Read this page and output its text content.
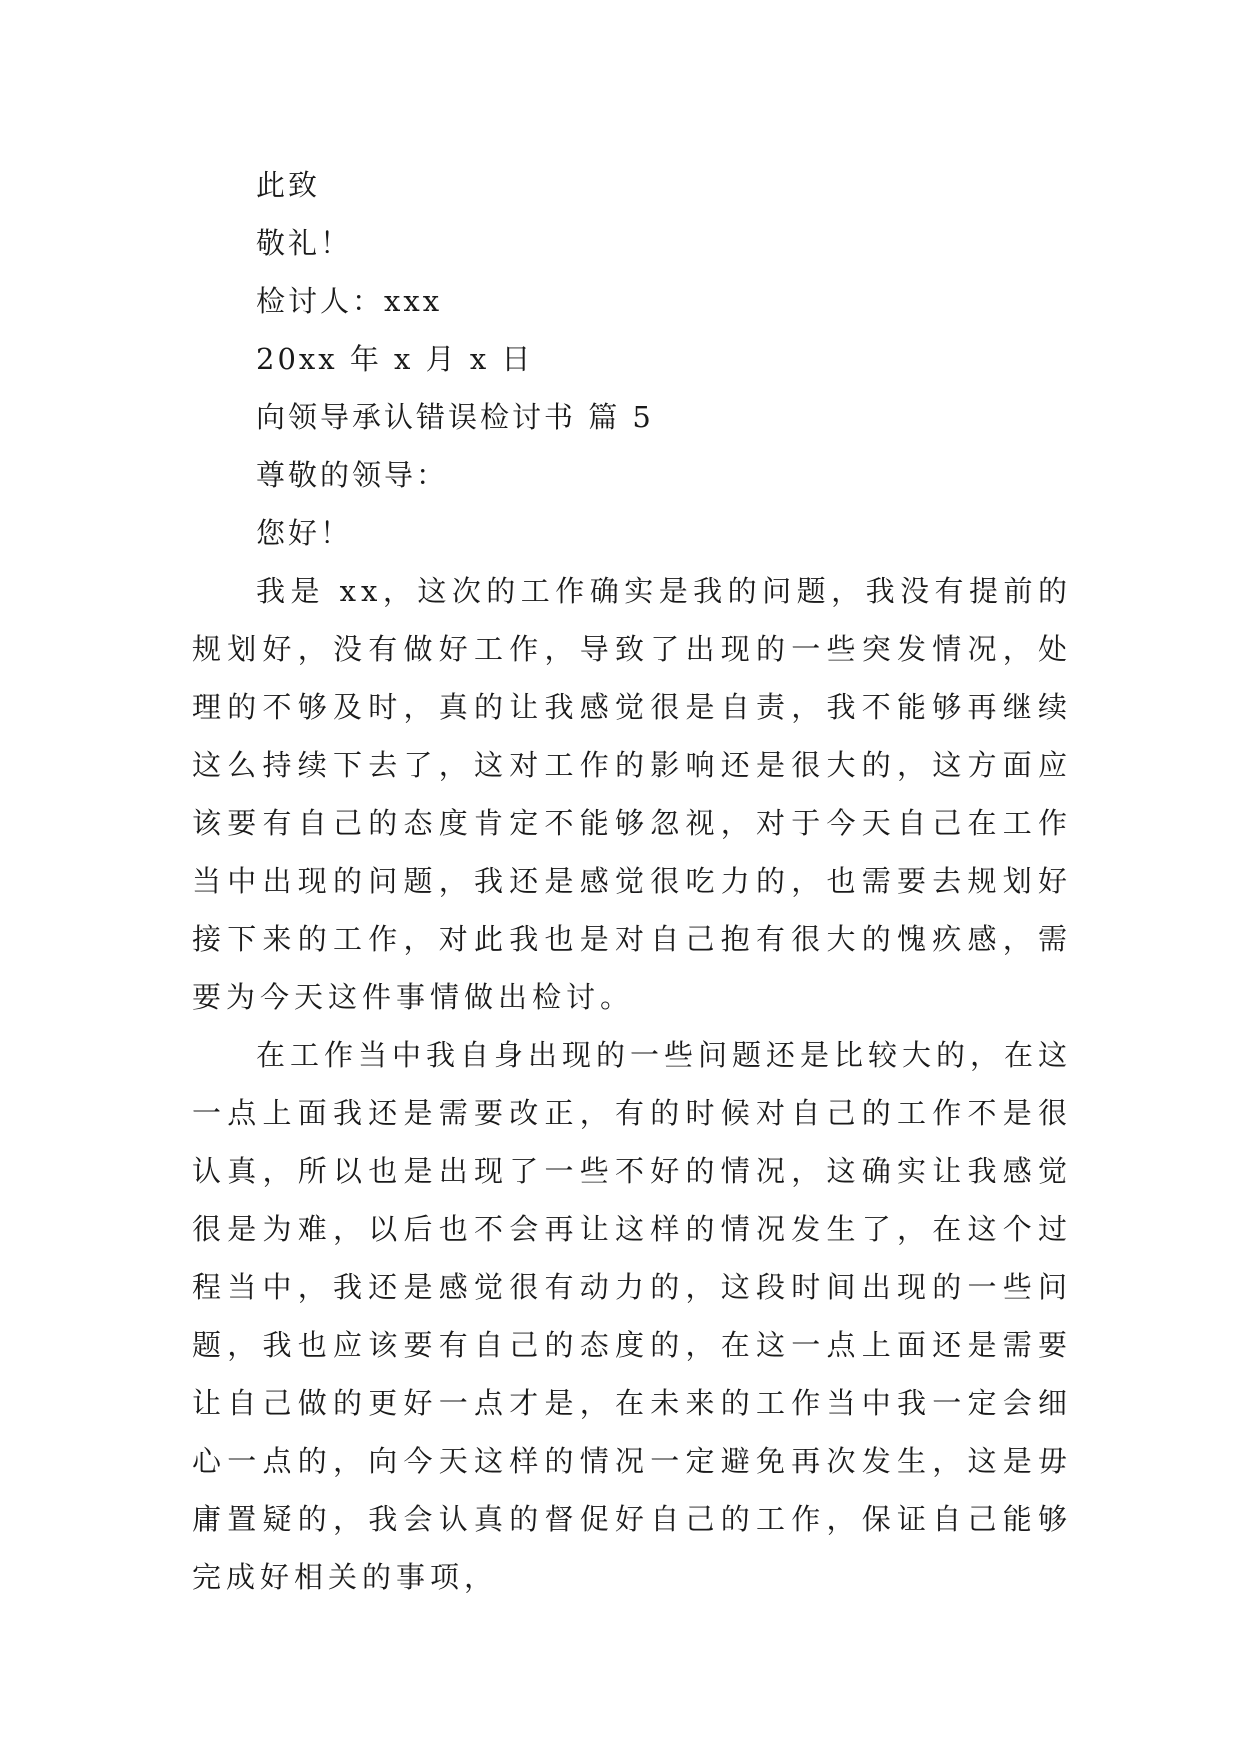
此致
敬礼！
检讨人：xxx
20xx 年 x 月 x 日
向领导承认错误检讨书 篇 5
尊敬的领导：
您好！

我是 xx，这次的工作确实是我的问题，我没有提前的规划好，没有做好工作，导致了出现的一些突发情况，处理的不够及时，真的让我感觉很是自责，我不能够再继续这么持续下去了，这对工作的影响还是很大的，这方面应该要有自己的态度肯定不能够忽视，对于今天自己在工作当中出现的问题，我还是感觉很吃力的，也需要去规划好接下来的工作，对此我也是对自己抱有很大的愧疚感，需要为今天这件事情做出检讨。

在工作当中我自身出现的一些问题还是比较大的，在这一点上面我还是需要改正，有的时候对自己的工作不是很认真，所以也是出现了一些不好的情况，这确实让我感觉很是为难，以后也不会再让这样的情况发生了，在这个过程当中，我还是感觉很有动力的，这段时间出现的一些问题，我也应该要有自己的态度的，在这一点上面还是需要让自己做的更好一点才是，在未来的工作当中我一定会细心一点的，向今天这样的情况一定避免再次发生，这是毋庸置疑的，我会认真的督促好自己的工作，保证自己能够完成好相关的事项，
